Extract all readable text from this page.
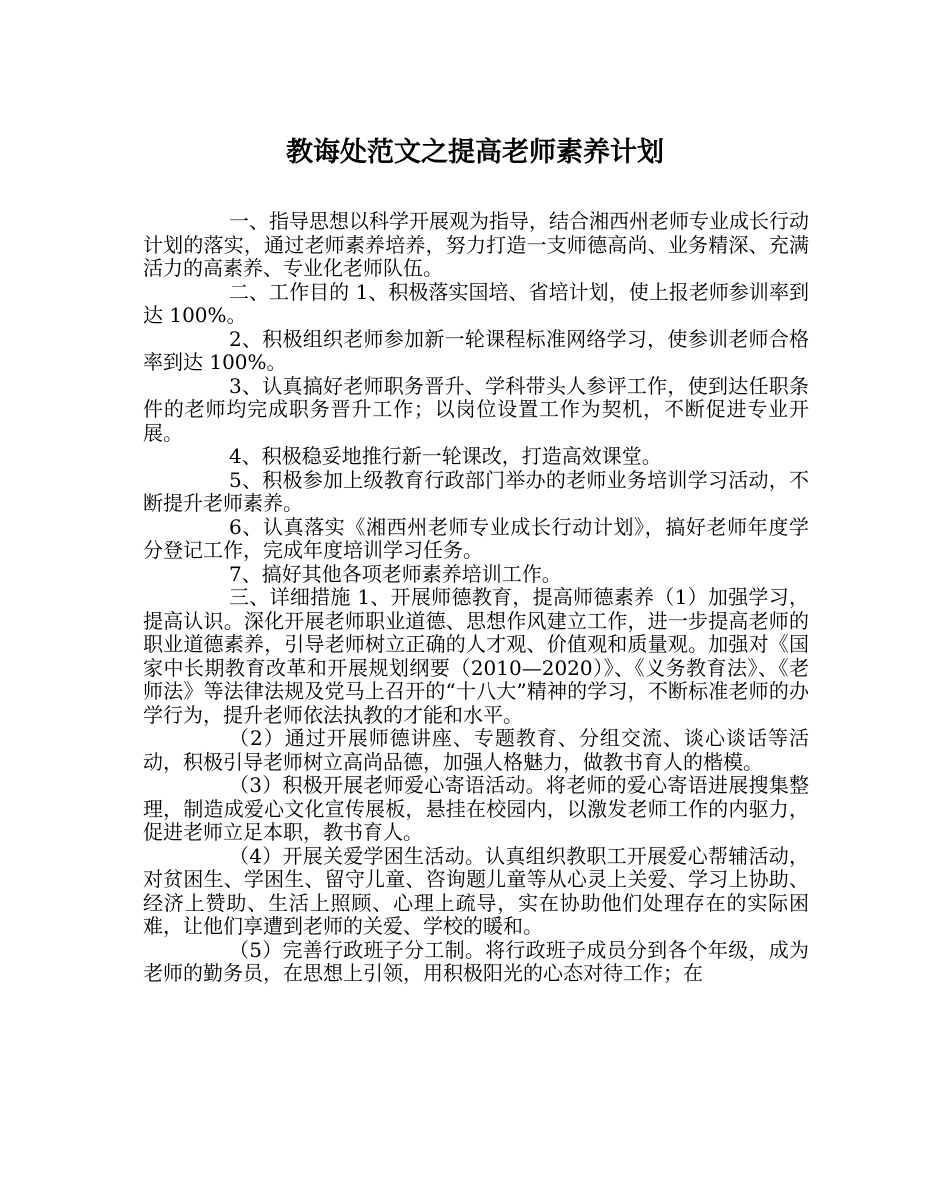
教诲处范文之提高老师素养计划

一、指导思想以科学开展观为指导，结合湘西州老师专业成长行动计划的落实，通过老师素养培养，努力打造一支师德高尚、业务精深、充满活力的高素养、专业化老师队伍。

二、工作目的 1、积极落实国培、省培计划，使上报老师参训率到达 100%。

2、积极组织老师参加新一轮课程标准网络学习，使参训老师合格率到达 100%。

3、认真搞好老师职务晋升、学科带头人参评工作，使到达任职条件的老师均完成职务晋升工作；以岗位设置工作为契机，不断促进专业开展。

4、积极稳妥地推行新一轮课改，打造高效课堂。

5、积极参加上级教育行政部门举办的老师业务培训学习活动，不断提升老师素养。

6、认真落实《湘西州老师专业成长行动计划》，搞好老师年度学分登记工作，完成年度培训学习任务。

7、搞好其他各项老师素养培训工作。

三、详细措施 1、开展师德教育，提高师德素养（1）加强学习，提高认识。深化开展老师职业道德、思想作风建立工作，进一步提高老师的职业道德素养，引导老师树立正确的人才观、价值观和质量观。加强对《国家中长期教育改革和开展规划纲要（2010—2020）》、《义务教育法》、《老师法》等法律法规及党马上召开的“十八大”精神的学习，不断标准老师的办学行为，提升老师依法执教的才能和水平。

（2）通过开展师德讲座、专题教育、分组交流、谈心谈话等活动，积极引导老师树立高尚品德，加强人格魅力，做教书育人的楷模。

（3）积极开展老师爱心寄语活动。将老师的爱心寄语进展搜集整理，制造成爱心文化宣传展板，悬挂在校园内，以激发老师工作的内驱力，促进老师立足本职，教书育人。

（4）开展关爱学困生活动。认真组织教职工开展爱心帮辅活动，对贫困生、学困生、留守儿童、咨询题儿童等从心灵上关爱、学习上协助、经济上赞助、生活上照顾、心理上疏导，实在协助他们处理存在的实际困难，让他们享遭到老师的关爱、学校的暖和。

（5）完善行政班子分工制。将行政班子成员分到各个年级，成为老师的勤务员，在思想上引领，用积极阳光的心态对待工作；在
